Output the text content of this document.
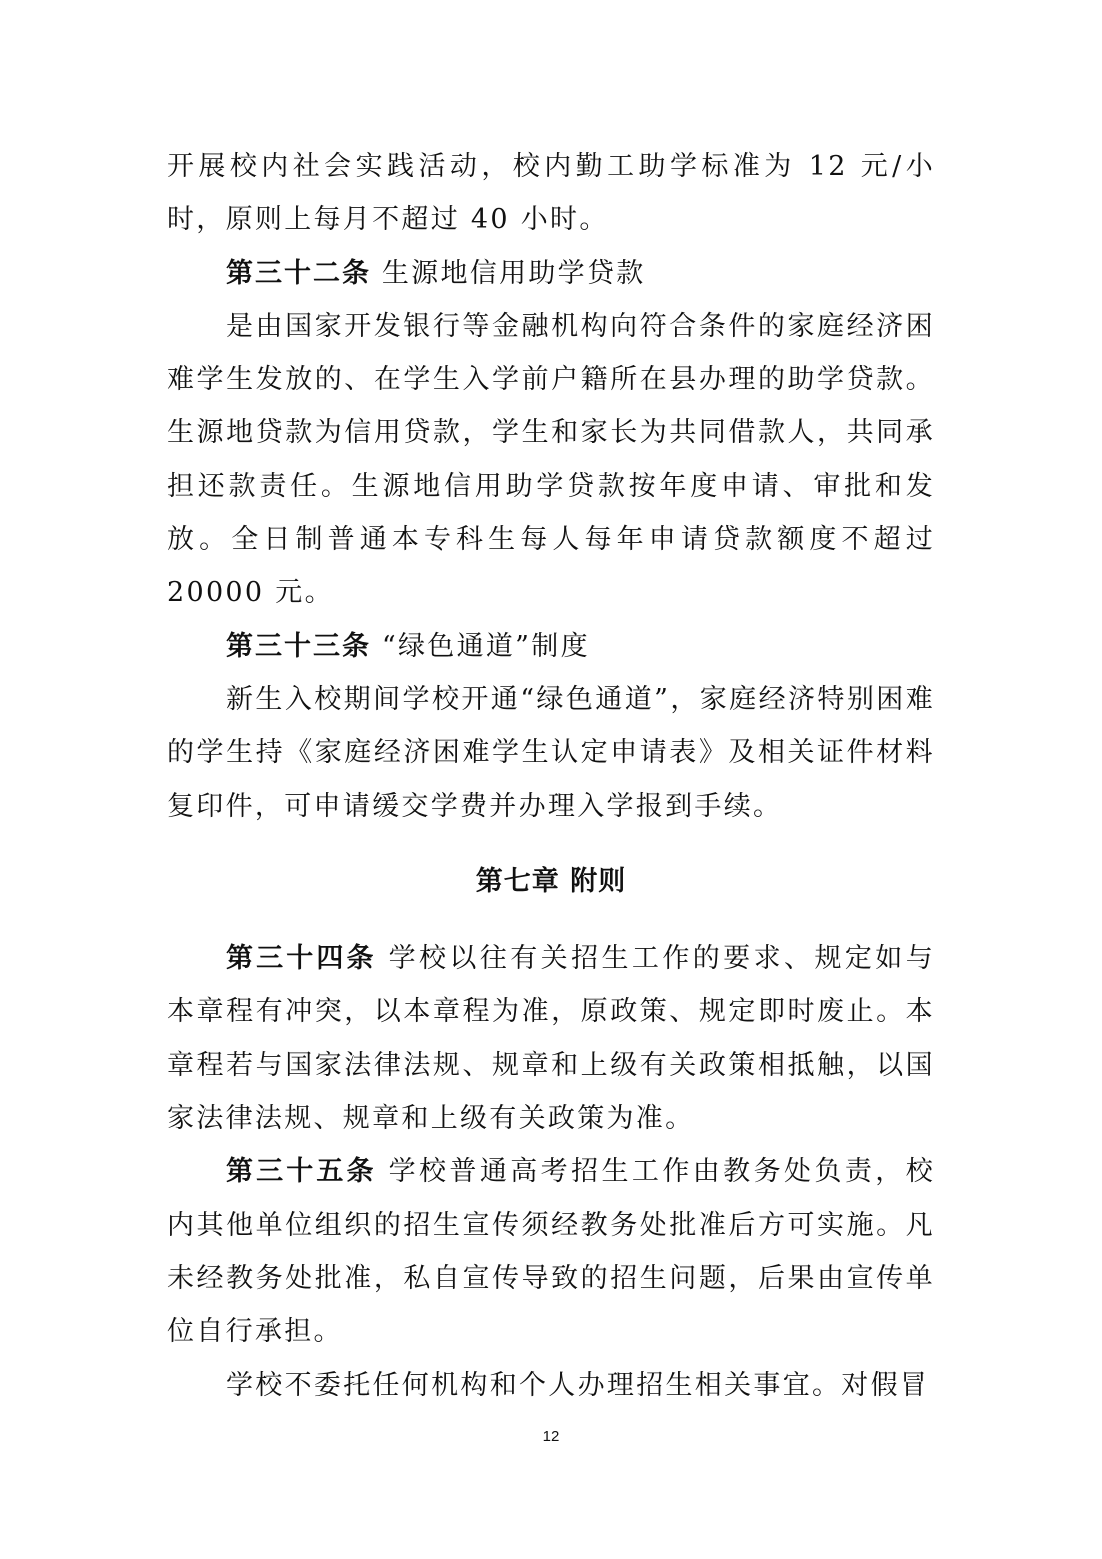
开展校内社会实践活动，校内勤工助学标准为 12 元/小时，原则上每月不超过 40 小时。

第三十二条 生源地信用助学贷款

是由国家开发银行等金融机构向符合条件的家庭经济困难学生发放的、在学生入学前户籍所在县办理的助学贷款。生源地贷款为信用贷款，学生和家长为共同借款人，共同承担还款责任。生源地信用助学贷款按年度申请、审批和发放。全日制普通本专科生每人每年申请贷款额度不超过 20000 元。

第三十三条 “绿色通道”制度

新生入校期间学校开通“绿色通道”，家庭经济特别困难的学生持《家庭经济困难学生认定申请表》及相关证件材料复印件，可申请缓交学费并办理入学报到手续。

第七章 附则

第三十四条 学校以往有关招生工作的要求、规定如与本章程有冲突，以本章程为准，原政策、规定即时废止。本章程若与国家法律法规、规章和上级有关政策相抵触，以国家法律法规、规章和上级有关政策为准。

第三十五条 学校普通高考招生工作由教务处负责，校内其他单位组织的招生宣传须经教务处批准后方可实施。凡未经教务处批准，私自宣传导致的招生问题，后果由宣传单位自行承担。

学校不委托任何机构和个人办理招生相关事宜。对假冒

12
